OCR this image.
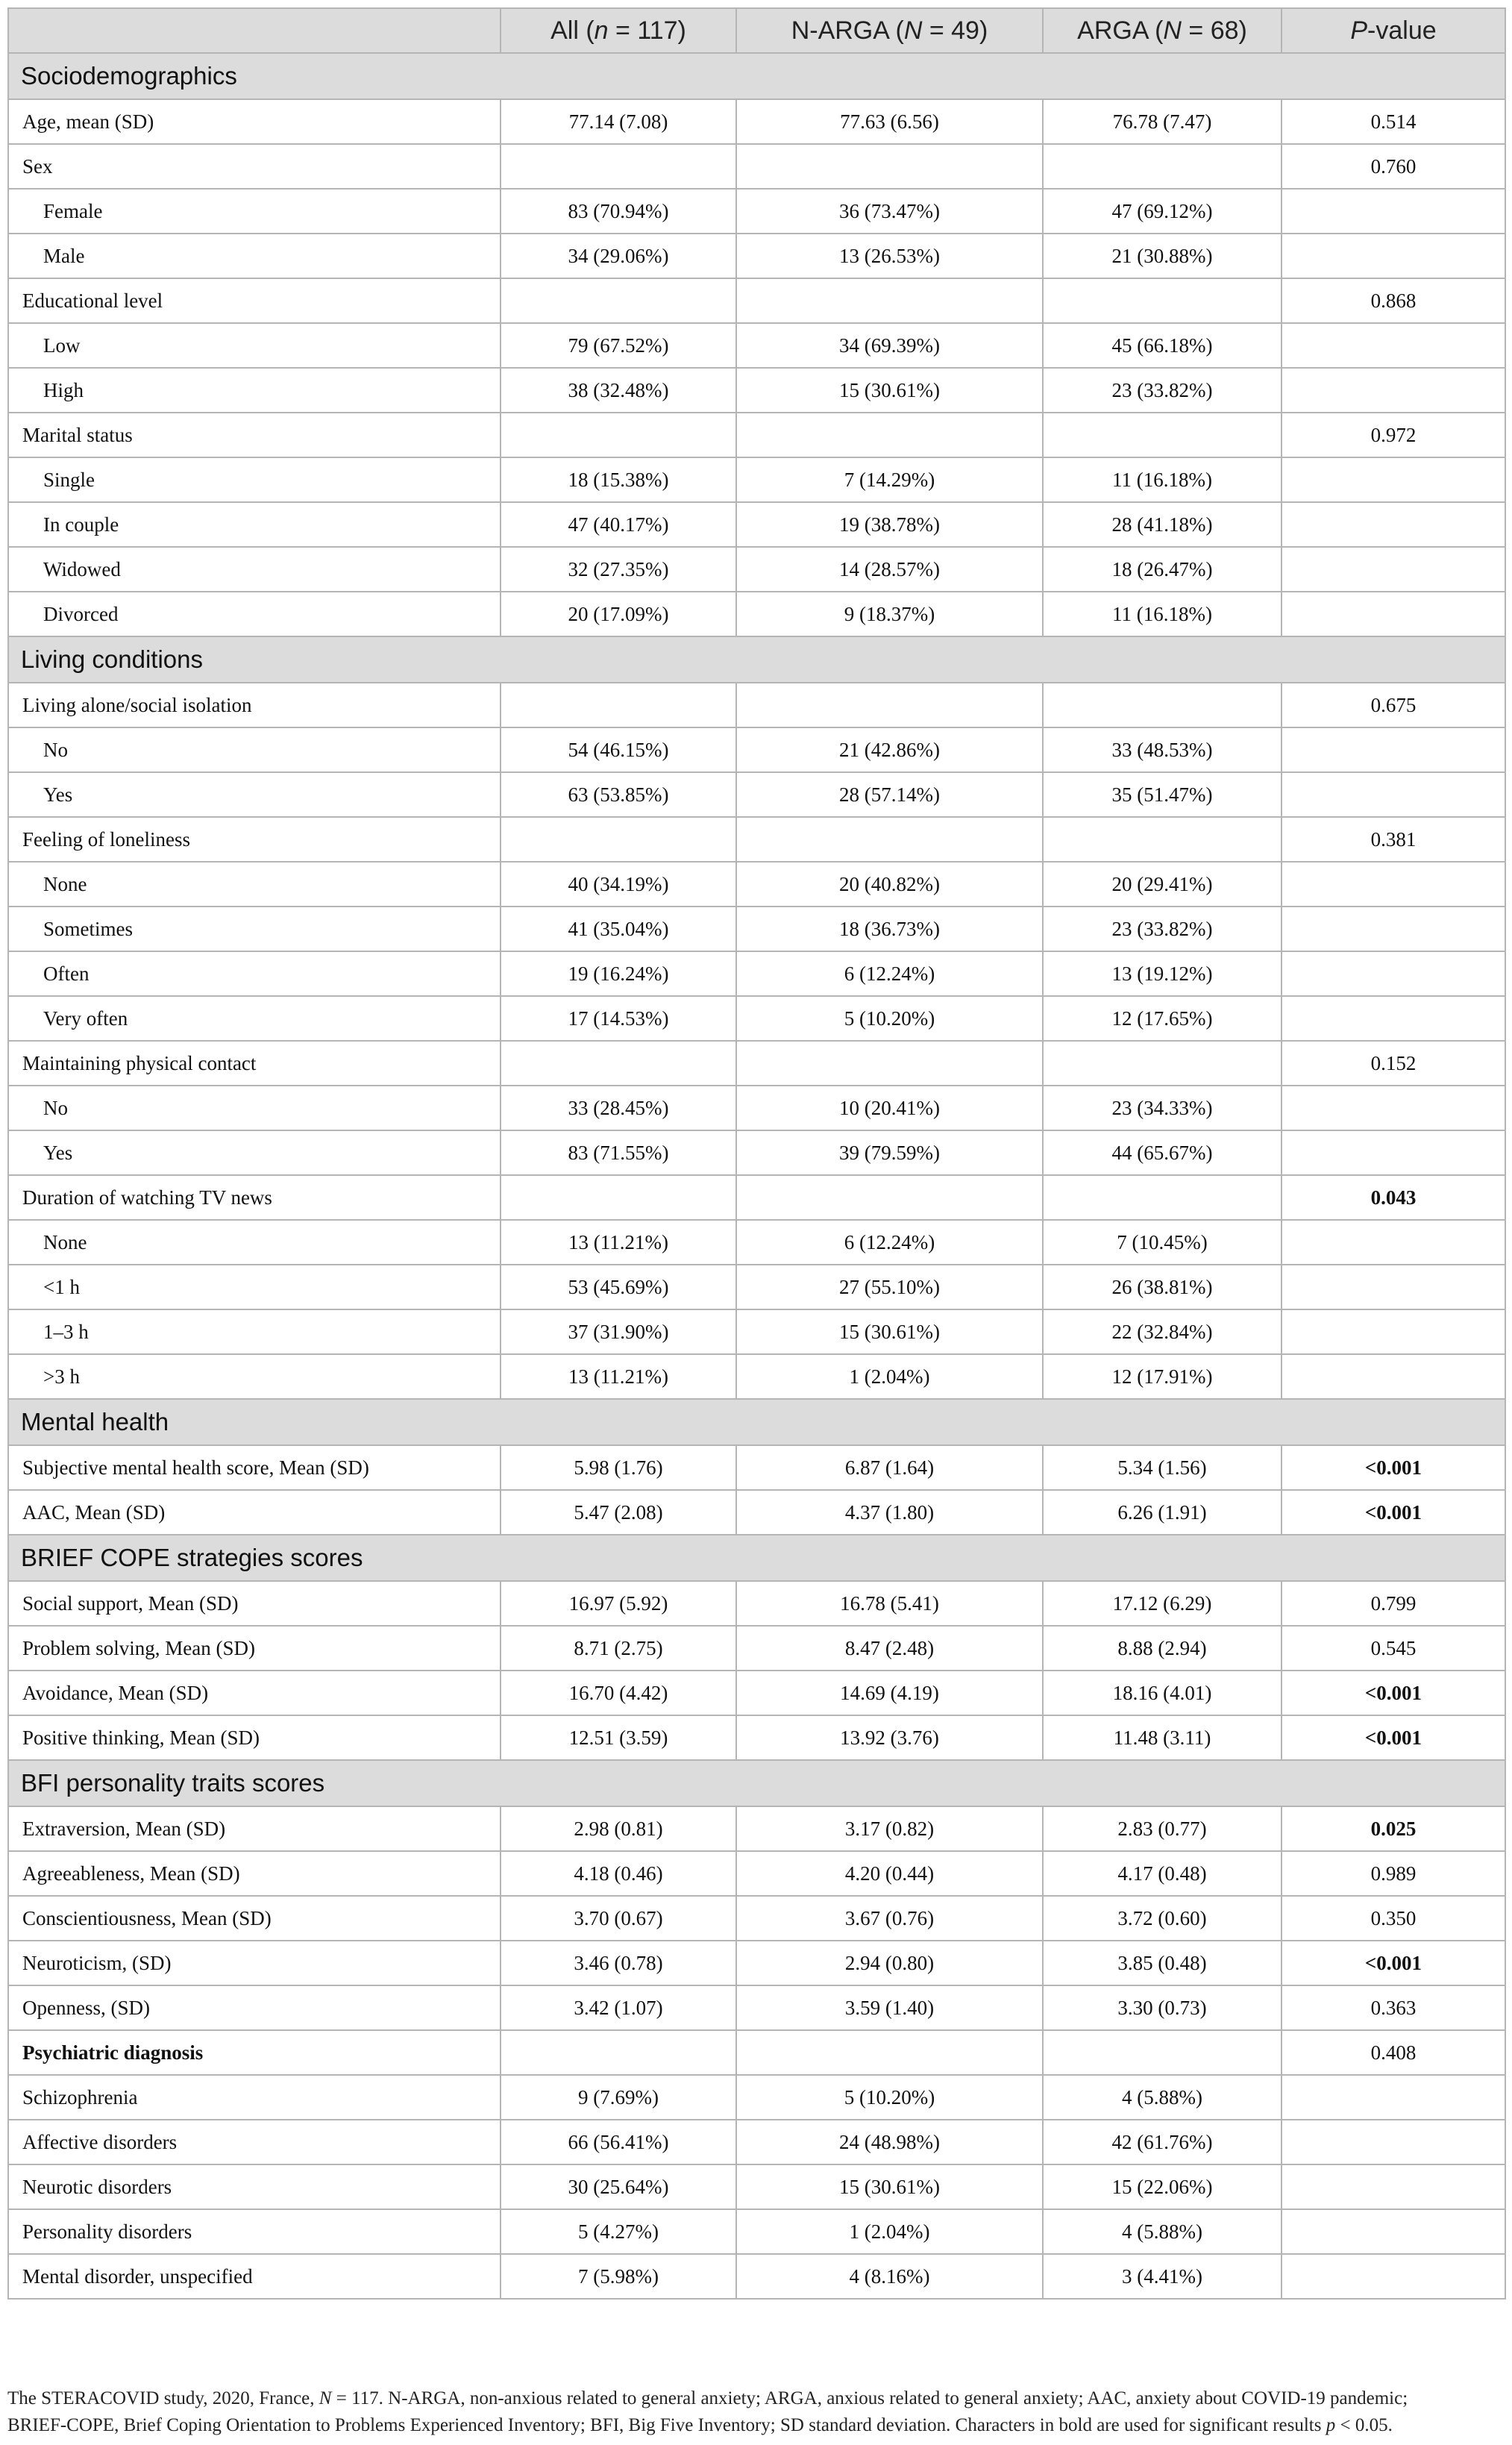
	All (n = 117)	N-ARGA (N = 49)	ARGA (N = 68)	P-value
Sociodemographics				
Age, mean (SD)	77.14 (7.08)	77.63 (6.56)	76.78 (7.47)	0.514
Sex				0.760
Female	83 (70.94%)	36 (73.47%)	47 (69.12%)	
Male	34 (29.06%)	13 (26.53%)	21 (30.88%)	
Educational level				0.868
Low	79 (67.52%)	34 (69.39%)	45 (66.18%)	
High	38 (32.48%)	15 (30.61%)	23 (33.82%)	
Marital status				0.972
Single	18 (15.38%)	7 (14.29%)	11 (16.18%)	
In couple	47 (40.17%)	19 (38.78%)	28 (41.18%)	
Widowed	32 (27.35%)	14 (28.57%)	18 (26.47%)	
Divorced	20 (17.09%)	9 (18.37%)	11 (16.18%)	
Living conditions				
Living alone/social isolation				0.675
No	54 (46.15%)	21 (42.86%)	33 (48.53%)	
Yes	63 (53.85%)	28 (57.14%)	35 (51.47%)	
Feeling of loneliness				0.381
None	40 (34.19%)	20 (40.82%)	20 (29.41%)	
Sometimes	41 (35.04%)	18 (36.73%)	23 (33.82%)	
Often	19 (16.24%)	6 (12.24%)	13 (19.12%)	
Very often	17 (14.53%)	5 (10.20%)	12 (17.65%)	
Maintaining physical contact				0.152
No	33 (28.45%)	10 (20.41%)	23 (34.33%)	
Yes	83 (71.55%)	39 (79.59%)	44 (65.67%)	
Duration of watching TV news				0.043
None	13 (11.21%)	6 (12.24%)	7 (10.45%)	
<1 h	53 (45.69%)	27 (55.10%)	26 (38.81%)	
1–3 h	37 (31.90%)	15 (30.61%)	22 (32.84%)	
>3 h	13 (11.21%)	1 (2.04%)	12 (17.91%)	
Mental health				
Subjective mental health score, Mean (SD)	5.98 (1.76)	6.87 (1.64)	5.34 (1.56)	<0.001
AAC, Mean (SD)	5.47 (2.08)	4.37 (1.80)	6.26 (1.91)	<0.001
BRIEF COPE strategies scores				
Social support, Mean (SD)	16.97 (5.92)	16.78 (5.41)	17.12 (6.29)	0.799
Problem solving, Mean (SD)	8.71 (2.75)	8.47 (2.48)	8.88 (2.94)	0.545
Avoidance, Mean (SD)	16.70 (4.42)	14.69 (4.19)	18.16 (4.01)	<0.001
Positive thinking, Mean (SD)	12.51 (3.59)	13.92 (3.76)	11.48 (3.11)	<0.001
BFI personality traits scores				
Extraversion, Mean (SD)	2.98 (0.81)	3.17 (0.82)	2.83 (0.77)	0.025
Agreeableness, Mean (SD)	4.18 (0.46)	4.20 (0.44)	4.17 (0.48)	0.989
Conscientiousness, Mean (SD)	3.70 (0.67)	3.67 (0.76)	3.72 (0.60)	0.350
Neuroticism, (SD)	3.46 (0.78)	2.94 (0.80)	3.85 (0.48)	<0.001
Openness, (SD)	3.42 (1.07)	3.59 (1.40)	3.30 (0.73)	0.363
Psychiatric diagnosis				0.408
Schizophrenia	9 (7.69%)	5 (10.20%)	4 (5.88%)	
Affective disorders	66 (56.41%)	24 (48.98%)	42 (61.76%)	
Neurotic disorders	30 (25.64%)	15 (30.61%)	15 (22.06%)	
Personality disorders	5 (4.27%)	1 (2.04%)	4 (5.88%)	
Mental disorder, unspecified	7 (5.98%)	4 (8.16%)	3 (4.41%)	
The STERACOVID study, 2020, France, N = 117. N-ARGA, non-anxious related to general anxiety; ARGA, anxious related to general anxiety; AAC, anxiety about COVID-19 pandemic;
BRIEF-COPE, Brief Coping Orientation to Problems Experienced Inventory; BFI, Big Five Inventory; SD standard deviation. Characters in bold are used for significant results p < 0.05.
